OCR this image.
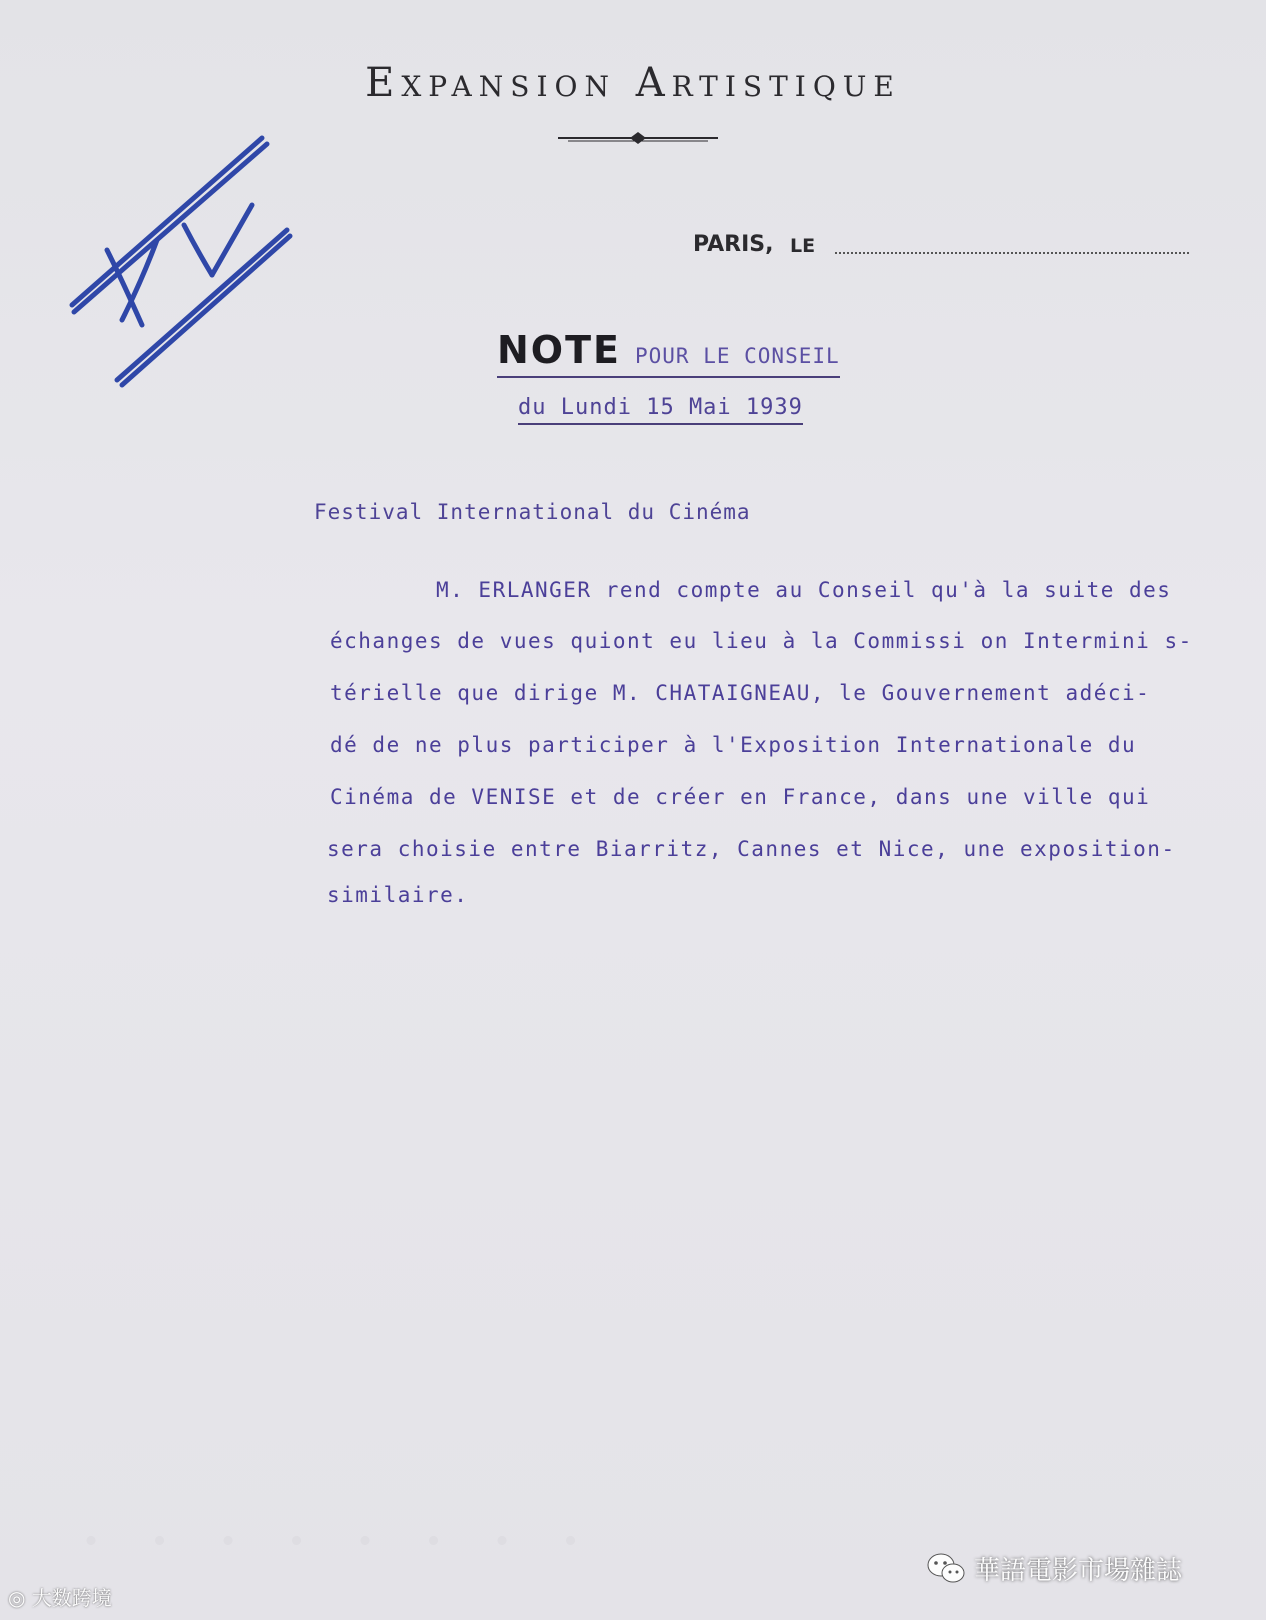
· · · · · · · ·
Expansion Artistique
PARIS, LE
NOTE POUR LE CONSEIL
du Lundi 15 Mai 1939
Festival International du Cinéma
M. ERLANGER rend compte au Conseil qu'à la suite des
échanges de vues quiont eu lieu à la Commissi on Intermini s-
térielle que dirige M. CHATAIGNEAU, le Gouvernement adéci-
dé de ne plus participer à l'Exposition Internationale du
Cinéma de VENISE et de créer en France, dans une ville qui
sera choisie entre Biarritz, Cannes et Nice, une exposition-
similaire.
◎ 大数跨境
華語電影市場雜誌
